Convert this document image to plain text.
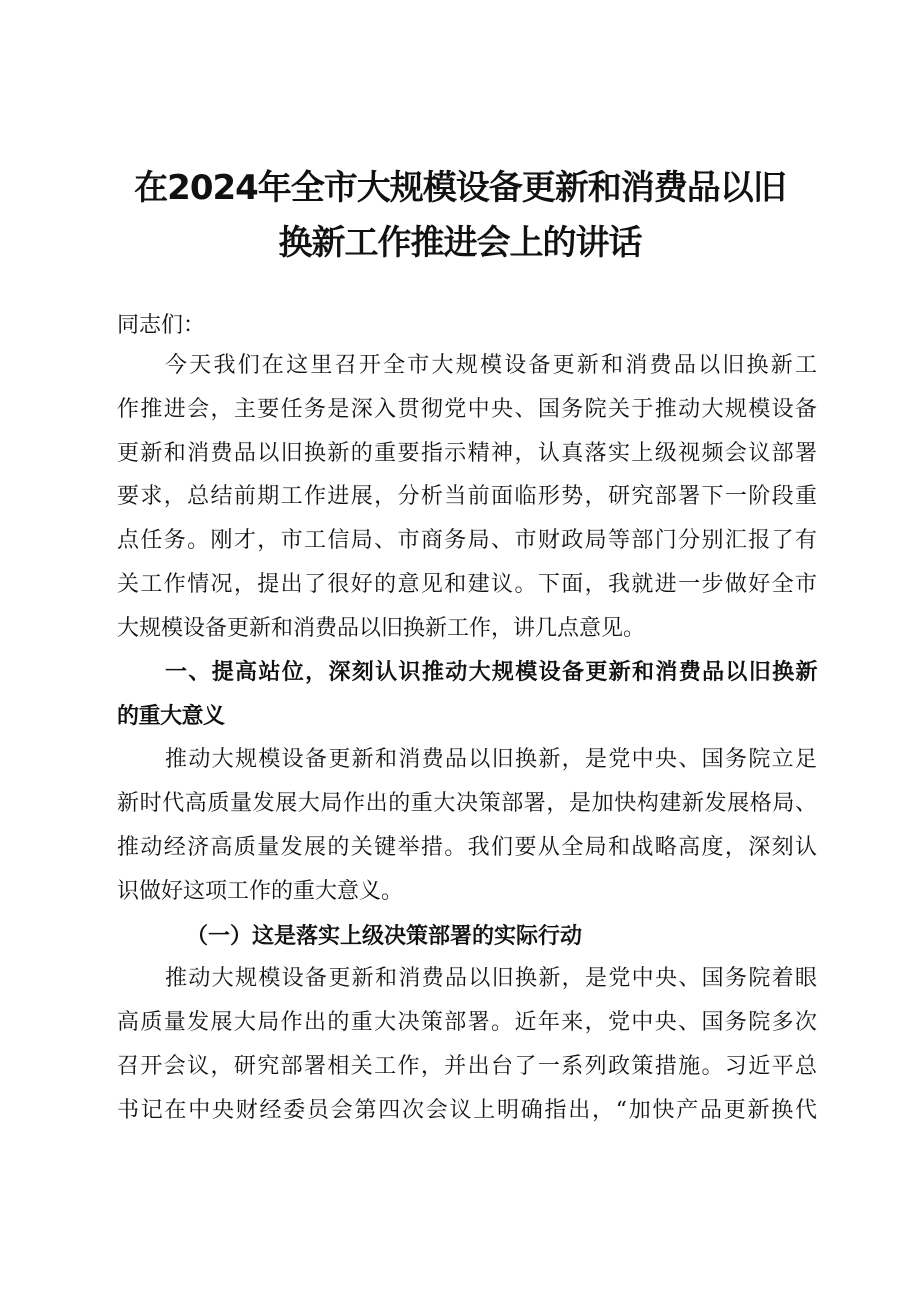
在2024年全市大规模设备更新和消费品以旧
换新工作推进会上的讲话
同志们：
今天我们在这里召开全市大规模设备更新和消费品以旧换新工
作推进会，主要任务是深入贯彻党中央、国务院关于推动大规模设备
更新和消费品以旧换新的重要指示精神，认真落实上级视频会议部署
要求，总结前期工作进展，分析当前面临形势，研究部署下一阶段重
点任务。刚才，市工信局、市商务局、市财政局等部门分别汇报了有
关工作情况，提出了很好的意见和建议。下面，我就进一步做好全市
大规模设备更新和消费品以旧换新工作，讲几点意见。
一、提高站位，深刻认识推动大规模设备更新和消费品以旧换新
的重大意义
推动大规模设备更新和消费品以旧换新，是党中央、国务院立足
新时代高质量发展大局作出的重大决策部署，是加快构建新发展格局、
推动经济高质量发展的关键举措。我们要从全局和战略高度，深刻认
识做好这项工作的重大意义。
（一）这是落实上级决策部署的实际行动
推动大规模设备更新和消费品以旧换新，是党中央、国务院着眼
高质量发展大局作出的重大决策部署。近年来，党中央、国务院多次
召开会议，研究部署相关工作，并出台了一系列政策措施。习近平总
书记在中央财经委员会第四次会议上明确指出，“加快产品更新换代
